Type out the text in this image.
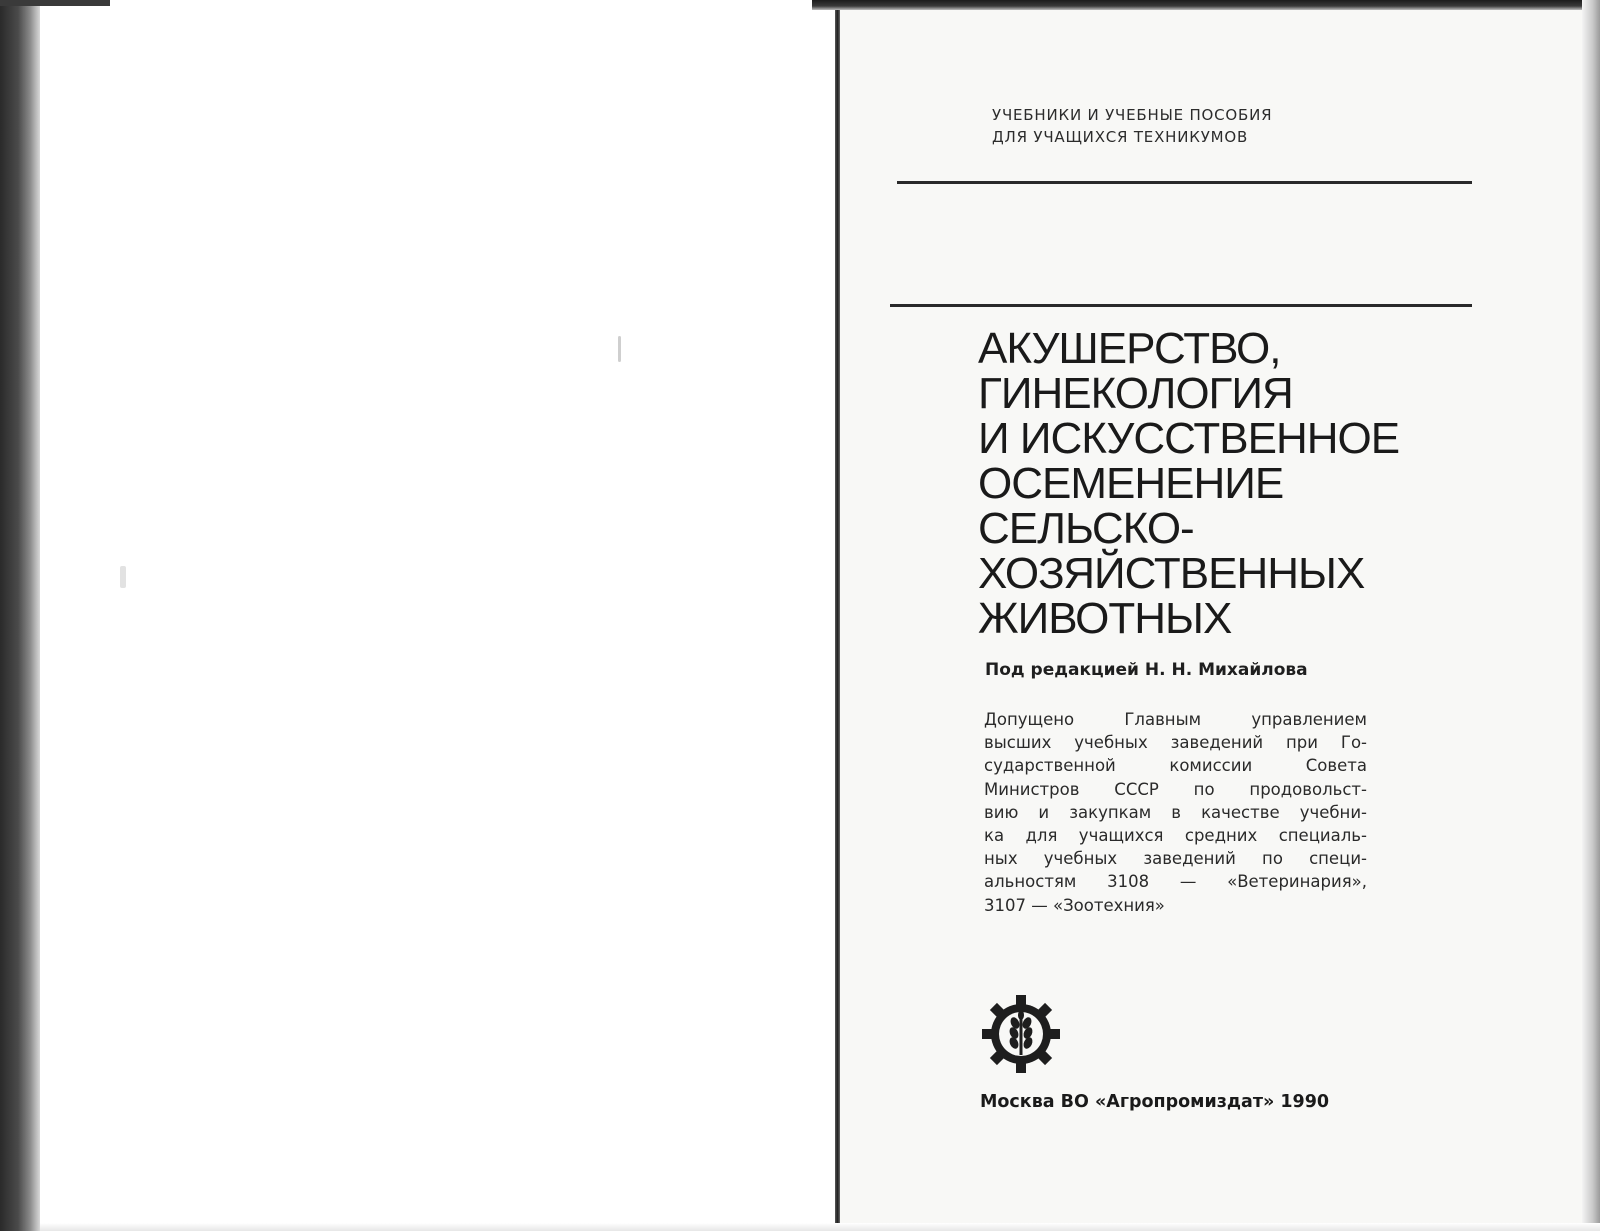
УЧЕБНИКИ И УЧЕБНЫЕ ПОСОБИЯ
ДЛЯ УЧАЩИХСЯ ТЕХНИКУМОВ
АКУШЕРСТВО,
ГИНЕКОЛОГИЯ
И ИСКУССТВЕННОЕ
ОСЕМЕНЕНИЕ
СЕЛЬСКО-
ХОЗЯЙСТВЕННЫХ
ЖИВОТНЫХ
Под редакцией Н. Н. Михайлова
Допущено Главным управлением
высших учебных заведений при Го-
сударственной комиссии Совета
Министров СССР по продовольст-
вию и закупкам в качестве учебни-
ка для учащихся средних специаль-
ных учебных заведений по специ-
альностям 3108 — «Ветеринария»,
3107 — «Зоотехния»
Москва ВО «Агропромиздат» 1990
